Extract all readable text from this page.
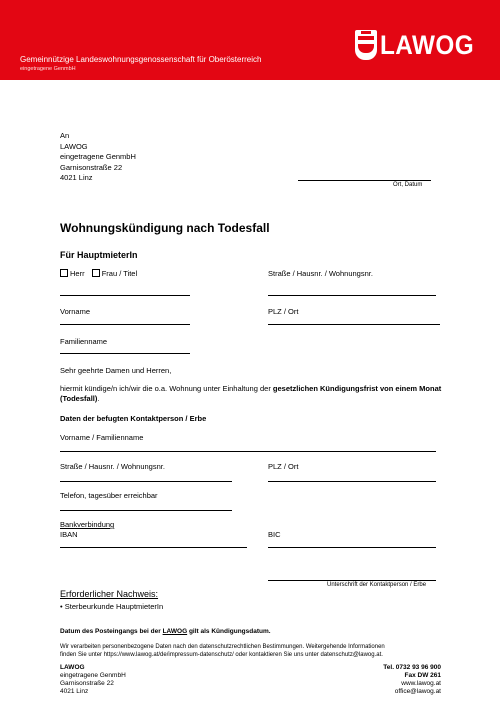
Gemeinnützige Landeswohnungsgenossenschaft für Oberösterreich
eingetragene GenmbH
LAWOG
An
LAWOG
eingetragene GenmbH
Garnisonstraße 22
4021 Linz
Ort, Datum
Wohnungskündigung nach Todesfall
Für HauptmieterIn
Herr Frau / Titel	Straße / Hausnr. / Wohnungsnr.
Vorname	PLZ / Ort
Familienname
Sehr geehrte Damen und Herren,
hiermit kündige/n ich/wir die o.a. Wohnung unter Einhaltung der gesetzlichen Kündigungsfrist von einem Monat (Todesfall).
Daten der befugten Kontaktperson / Erbe
Vorname / Familienname
Straße / Hausnr. / Wohnungsnr.	PLZ / Ort
Telefon, tagesüber erreichbar
Bankverbindung
IBAN	BIC
Unterschrift der Kontaktperson / Erbe
Erforderlicher Nachweis:
• Sterbeurkunde HauptmieterIn
Datum des Posteingangs bei der LAWOG gilt als Kündigungsdatum.
Wir verarbeiten personenbezogene Daten nach den datenschutzrechtlichen Bestimmungen. Weitergehende Informationen
finden Sie unter https://www.lawog.at/de/impressum-datenschutz/ oder kontaktieren Sie uns unter datenschutz@lawog.at.
LAWOG
eingetragene GenmbH
Garnisonstraße 22
4021 Linz
Tel. 0732 93 96 900
Fax DW 261
www.lawog.at
office@lawog.at
